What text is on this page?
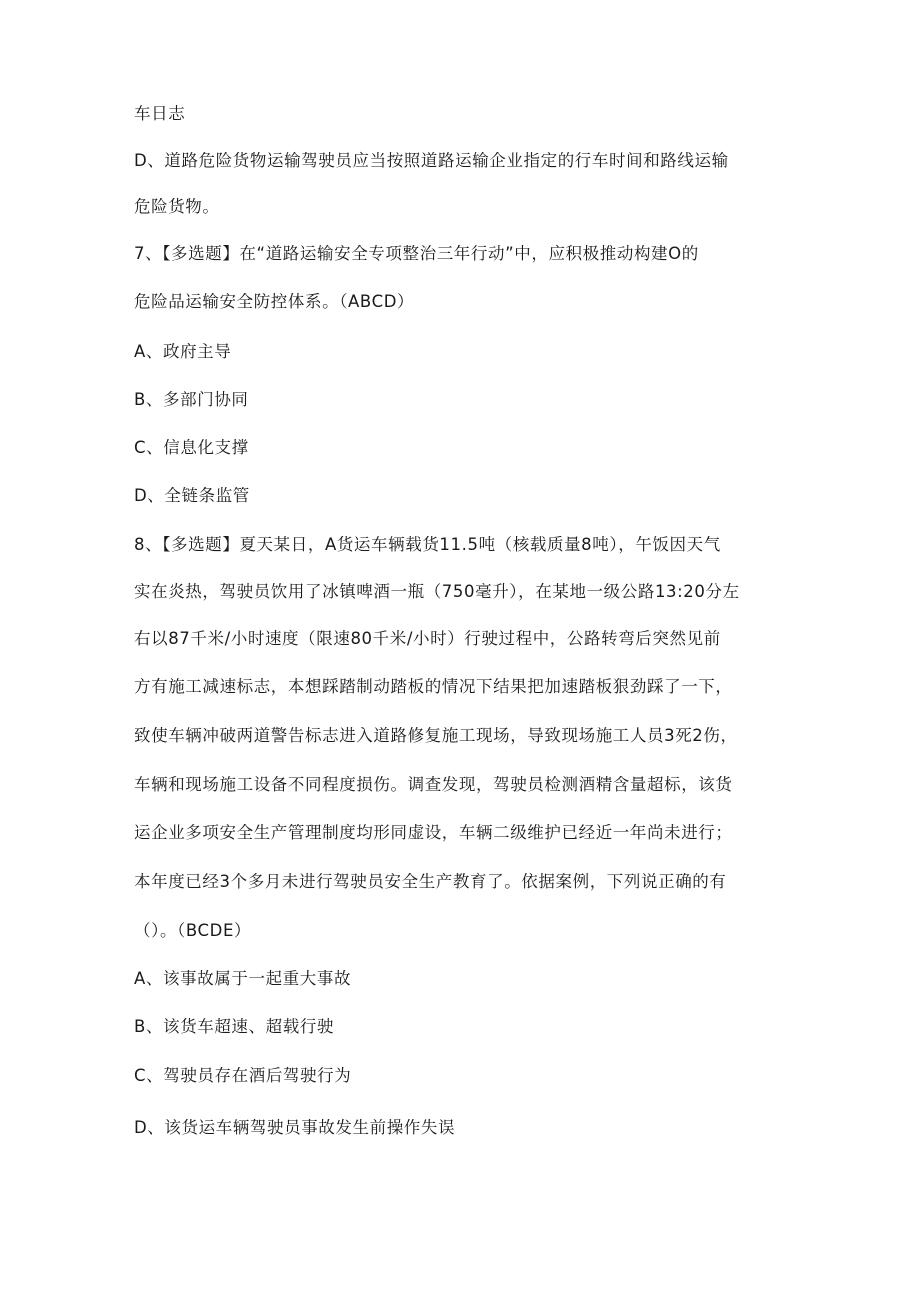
车日志
D、道路危险货物运输驾驶员应当按照道路运输企业指定的行车时间和路线运输
危险货物。
7、【多选题】在“道路运输安全专项整治三年行动”中，应积极推动构建O的
危险品运输安全防控体系。（ABCD）
A、政府主导
B、多部门协同
C、信息化支撑
D、全链条监管
8、【多选题】夏天某日，A货运车辆载货11.5吨（核载质量8吨），午饭因天气
实在炎热，驾驶员饮用了冰镇啤酒一瓶（750毫升），在某地一级公路13:20分左
右以87千米/小时速度（限速80千米/小时）行驶过程中，公路转弯后突然见前
方有施工减速标志，本想踩踏制动踏板的情况下结果把加速踏板狠劲踩了一下，
致使车辆冲破两道警告标志进入道路修复施工现场，导致现场施工人员3死2伤，
车辆和现场施工设备不同程度损伤。调查发现，驾驶员检测酒精含量超标，该货
运企业多项安全生产管理制度均形同虚设，车辆二级维护已经近一年尚未进行；
本年度已经3个多月未进行驾驶员安全生产教育了。依据案例，下列说正确的有
（）。（BCDE）
A、该事故属于一起重大事故
B、该货车超速、超载行驶
C、驾驶员存在酒后驾驶行为
D、该货运车辆驾驶员事故发生前操作失误
